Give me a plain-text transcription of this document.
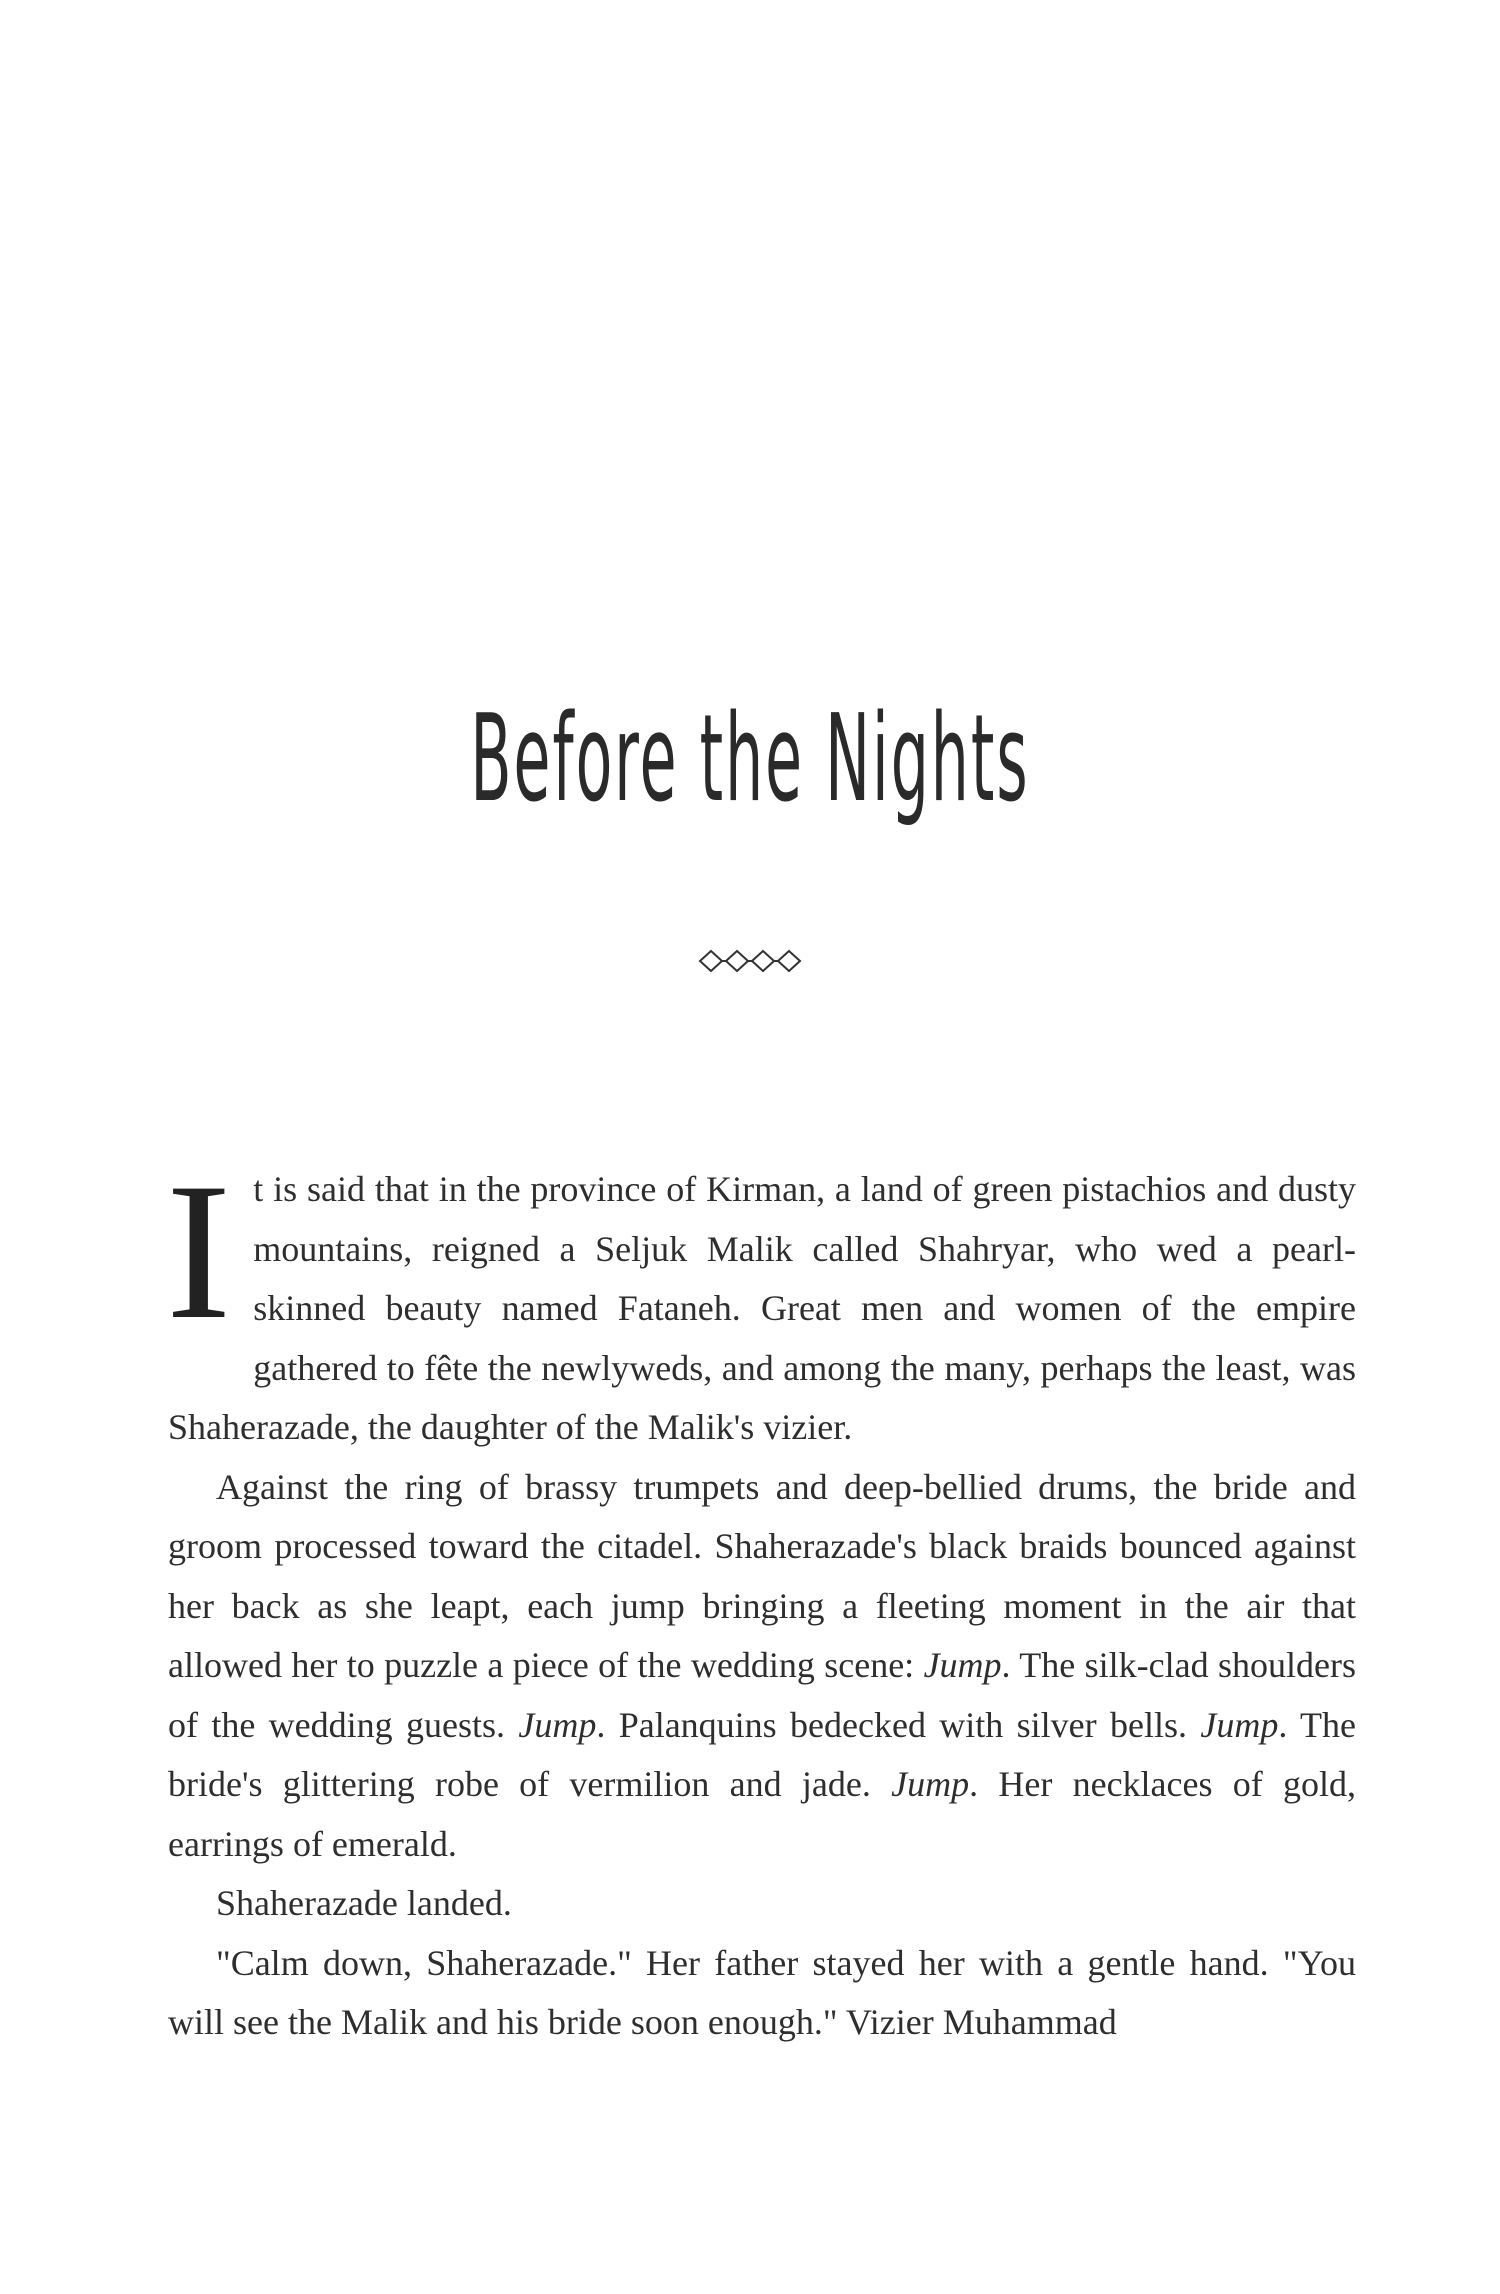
Before the Nights

It is said that in the province of Kirman, a land of green pistachios and dusty mountains, reigned a Seljuk Malik called Shahryar, who wed a pearl-skinned beauty named Fataneh. Great men and women of the empire gathered to fête the newlyweds, and among the many, perhaps the least, was Shaherazade, the daughter of the Malik's vizier.

Against the ring of brassy trumpets and deep-bellied drums, the bride and groom processed toward the citadel. Shaherazade's black braids bounced against her back as she leapt, each jump bringing a fleeting moment in the air that allowed her to puzzle a piece of the wedding scene: Jump. The silk-clad shoulders of the wedding guests. Jump. Palanquins bedecked with silver bells. Jump. The bride's glittering robe of vermilion and jade. Jump. Her necklaces of gold, earrings of emerald.

Shaherazade landed.

"Calm down, Shaherazade." Her father stayed her with a gentle hand. "You will see the Malik and his bride soon enough." Vizier Muhammad
